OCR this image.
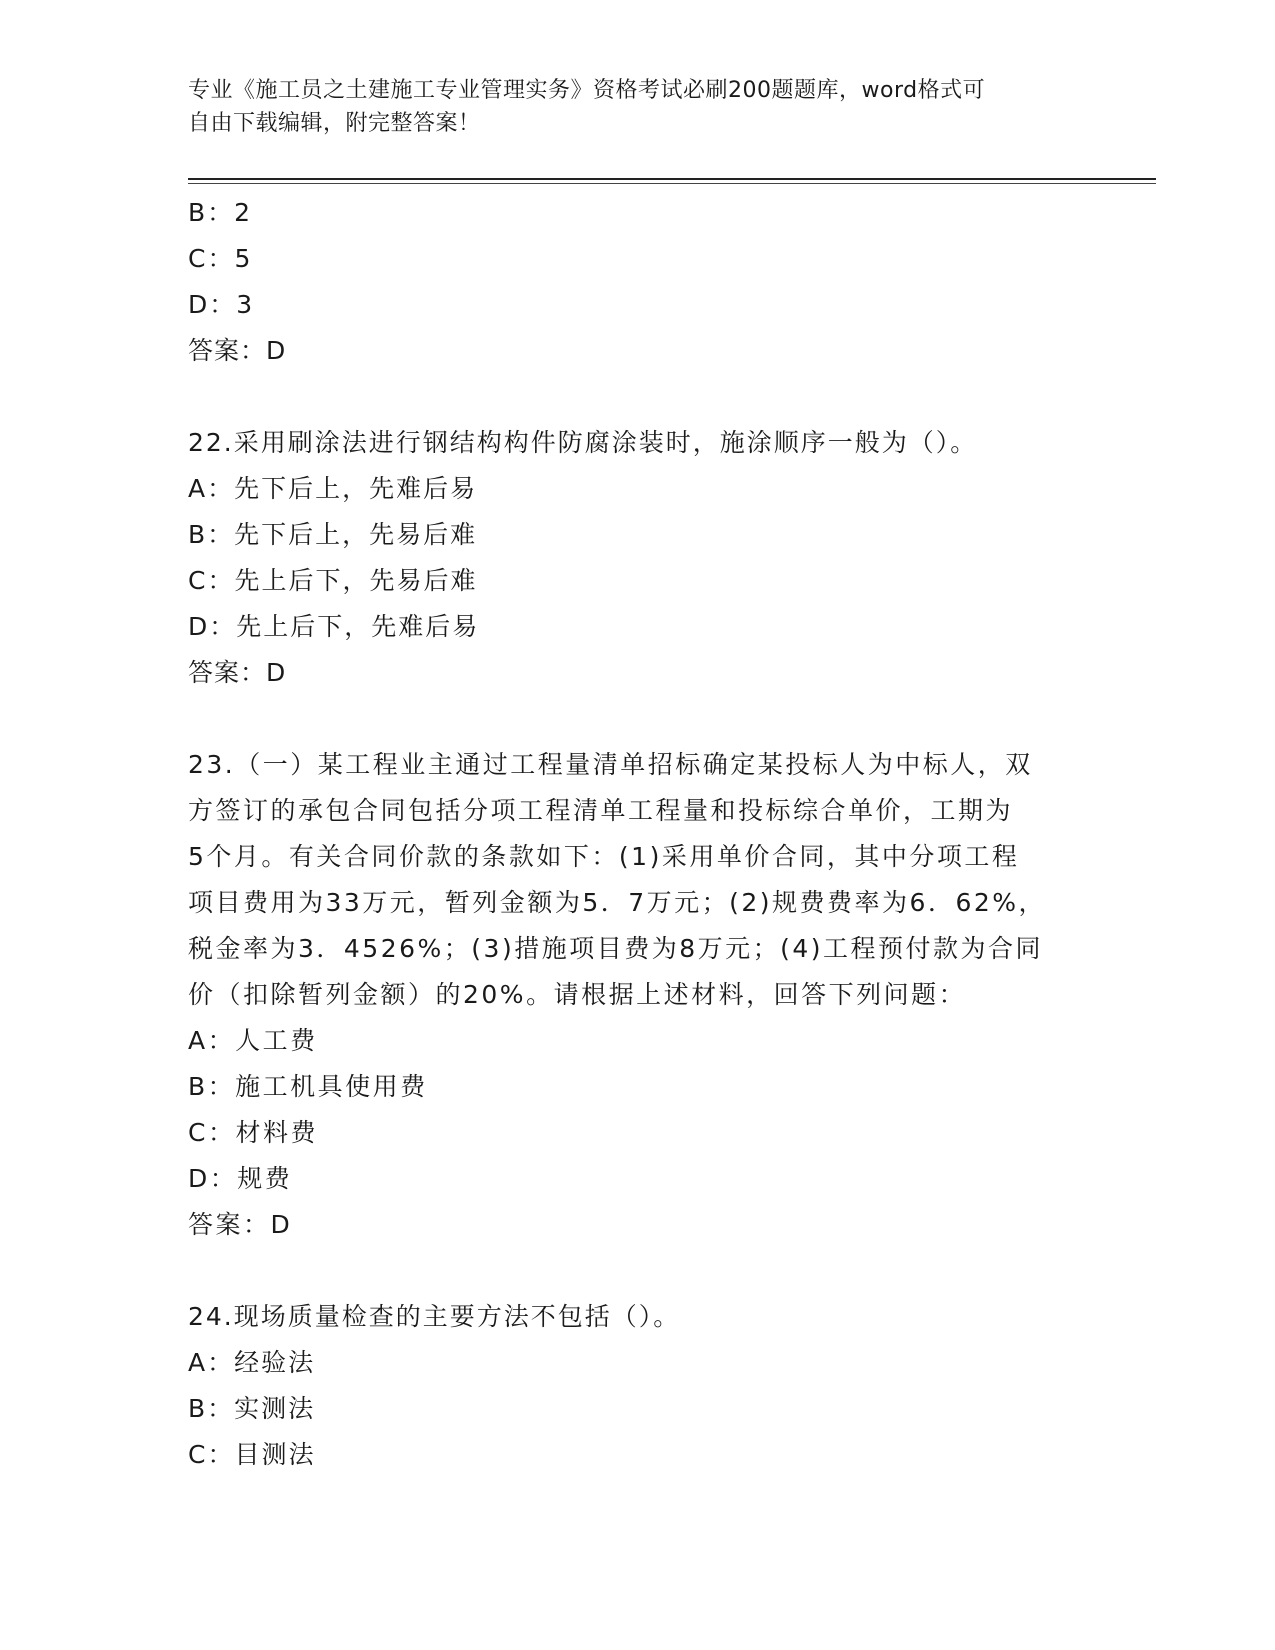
专业《施工员之土建施工专业管理实务》资格考试必刷200题题库，word格式可
自由下载编辑，附完整答案！
B：2
C：5
D：3
答案：D
22.采用刷涂法进行钢结构构件防腐涂装时，施涂顺序一般为（）。
A：先下后上，先难后易
B：先下后上，先易后难
C：先上后下，先易后难
D：先上后下，先难后易
答案：D
23.（一）某工程业主通过工程量清单招标确定某投标人为中标人，双
方签订的承包合同包括分项工程清单工程量和投标综合单价，工期为
5个月。有关合同价款的条款如下：(1)采用单价合同，其中分项工程
项目费用为33万元，暂列金额为5．7万元；(2)规费费率为6．62%，
税金率为3．4526%；(3)措施项目费为8万元；(4)工程预付款为合同
价（扣除暂列金额）的20%。请根据上述材料，回答下列问题：
A：人工费
B：施工机具使用费
C：材料费
D：规费
答案：D
24.现场质量检查的主要方法不包括（）。
A：经验法
B：实测法
C：目测法
